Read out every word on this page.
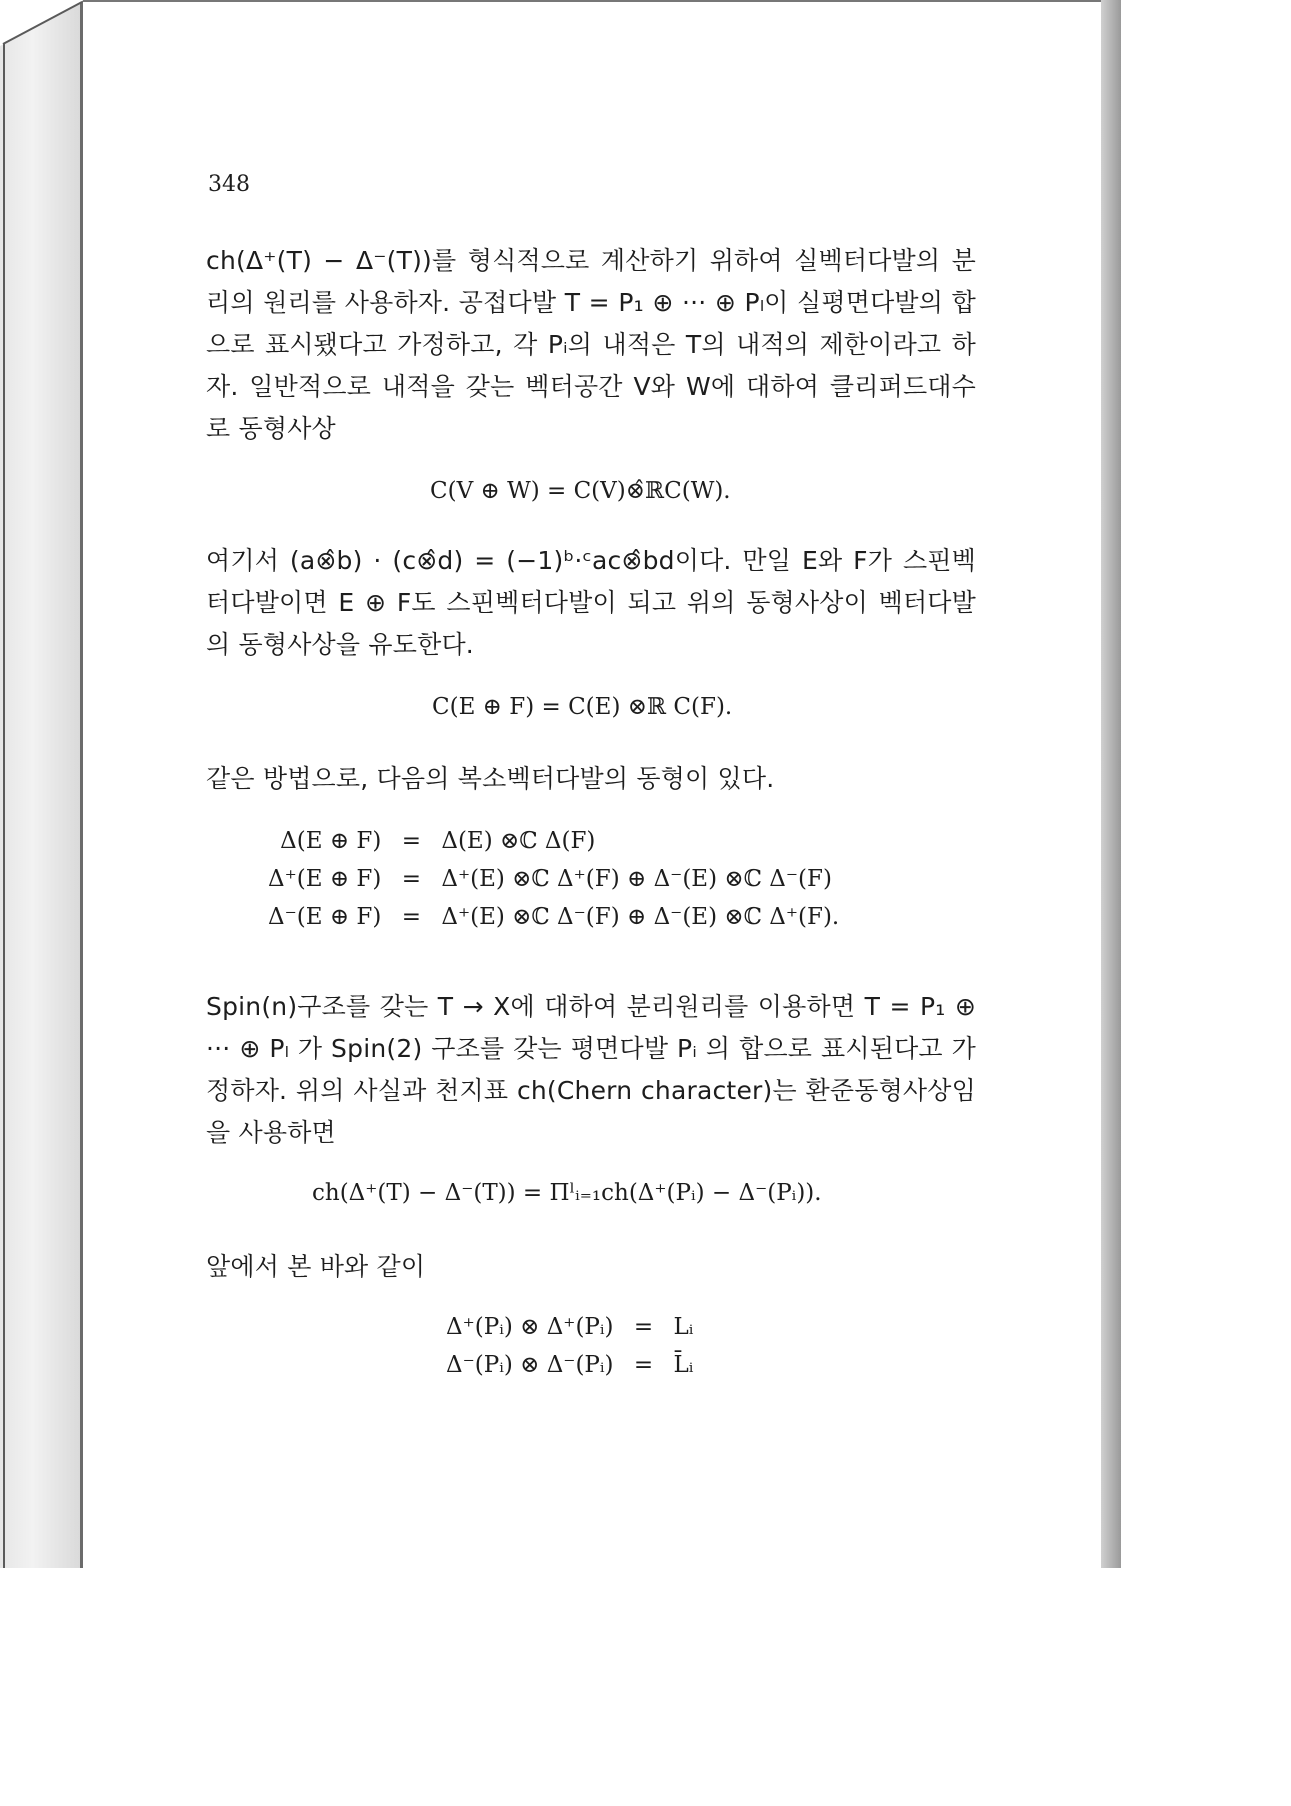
348
ch(Δ⁺(T) − Δ⁻(T))를 형식적으로 계산하기 위하여 실벡터다발의 분리의 원리를 사용하자. 공접다발 T = P₁ ⊕ ··· ⊕ Pₗ이 실평면다발의 합으로 표시됐다고 가정하고, 각 Pᵢ의 내적은 T의 내적의 제한이라고 하자. 일반적으로 내적을 갖는 벡터공간 V와 W에 대하여 클리퍼드대수로 동형사상
C(V ⊕ W) = C(V)⊗̂ℝC(W).
여기서 (a⊗̂b) · (c⊗̂d) = (−1)ᵇ·ᶜac⊗̂bd이다. 만일 E와 F가 스핀벡터다발이면 E ⊕ F도 스핀벡터다발이 되고 위의 동형사상이 벡터다발의 동형사상을 유도한다.
C(E ⊕ F) = C(E) ⊗ℝ C(F).
같은 방법으로, 다음의 복소벡터다발의 동형이 있다.
Δ(E ⊕ F) = Δ(E) ⊗ℂ Δ(F)
Δ⁺(E ⊕ F) = Δ⁺(E) ⊗ℂ Δ⁺(F) ⊕ Δ⁻(E) ⊗ℂ Δ⁻(F)
Δ⁻(E ⊕ F) = Δ⁺(E) ⊗ℂ Δ⁻(F) ⊕ Δ⁻(E) ⊗ℂ Δ⁺(F).
Spin(n)구조를 갖는 T → X에 대하여 분리원리를 이용하면 T = P₁ ⊕ ··· ⊕ Pₗ 가 Spin(2) 구조를 갖는 평면다발 Pᵢ 의 합으로 표시된다고 가정하자. 위의 사실과 천지표 ch(Chern character)는 환준동형사상임을 사용하면
ch(Δ⁺(T) − Δ⁻(T)) = Πˡᵢ₌₁ch(Δ⁺(Pᵢ) − Δ⁻(Pᵢ)).
앞에서 본 바와 같이
Δ⁺(Pᵢ) ⊗ Δ⁺(Pᵢ) = Lᵢ
Δ⁻(Pᵢ) ⊗ Δ⁻(Pᵢ) = L̄ᵢ
